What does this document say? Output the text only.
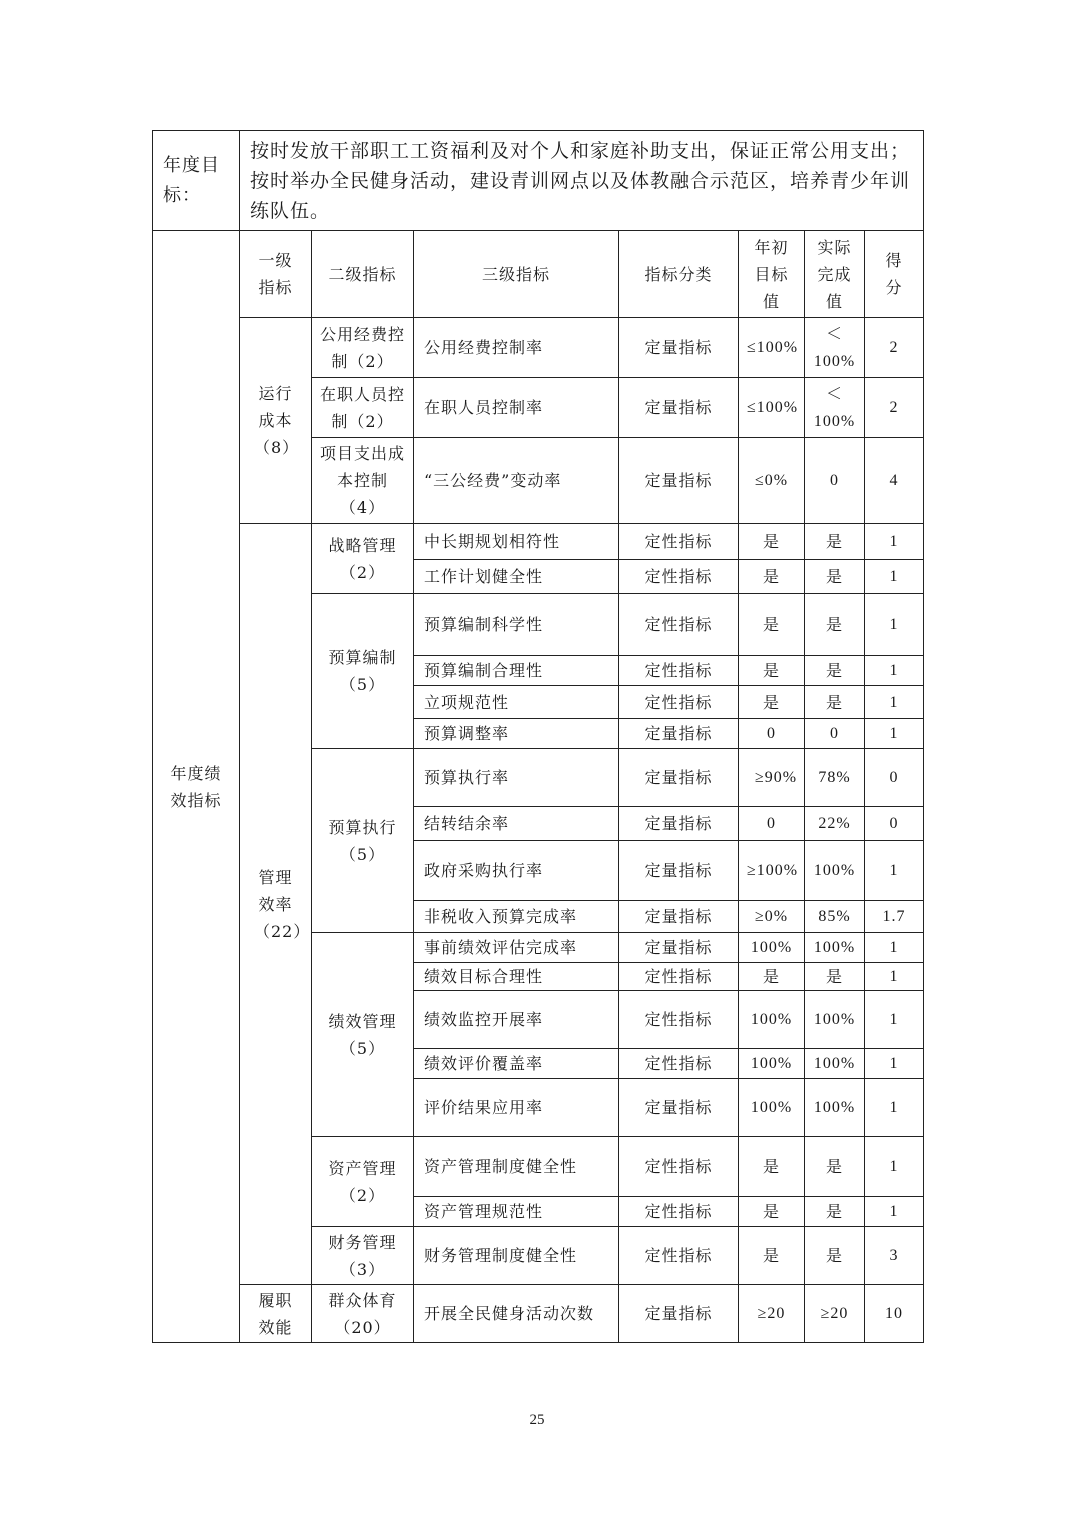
年度目标：	按时发放干部职工工资福利及对个人和家庭补助支出，保证正常公用支出；按时举办全民健身活动，建设青训网点以及体教融合示范区，培养青少年训练队伍。						
年度绩效指标	一级指标	二级指标	三级指标	指标分类	年初目标值	实际完成值	得分
	运行成本（8）	公用经费控制（2）	公用经费控制率	定量指标	≤100%	＜100%	2
		在职人员控制（2）	在职人员控制率	定量指标	≤100%	＜100%	2
		项目支出成本控制（4）	“三公经费”变动率	定量指标	≤0%	0	4
	管理效率（22）	战略管理（2）	中长期规划相符性	定性指标	是	是	1
			工作计划健全性	定性指标	是	是	1
		预算编制（5）	预算编制科学性	定性指标	是	是	1
			预算编制合理性	定性指标	是	是	1
			立项规范性	定性指标	是	是	1
			预算调整率	定量指标	0	0	1
		预算执行（5）	预算执行率	定量指标	≥90%	78%	0
			结转结余率	定量指标	0	22%	0
			政府采购执行率	定量指标	≥100%	100%	1
			非税收入预算完成率	定量指标	≥0%	85%	1.7
		绩效管理（5）	事前绩效评估完成率	定量指标	100%	100%	1
			绩效目标合理性	定性指标	是	是	1
			绩效监控开展率	定性指标	100%	100%	1
			绩效评价覆盖率	定性指标	100%	100%	1
			评价结果应用率	定量指标	100%	100%	1
		资产管理（2）	资产管理制度健全性	定性指标	是	是	1
			资产管理规范性	定性指标	是	是	1
		财务管理（3）	财务管理制度健全性	定性指标	是	是	3
	履职效能	群众体育（20）	开展全民健身活动次数	定量指标	≥20	≥20	10
25
